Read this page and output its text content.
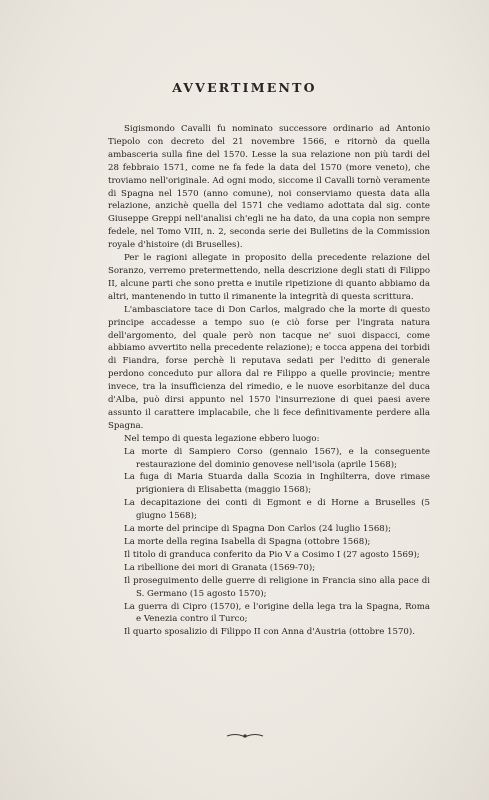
AVVERTIMENTO

Sigismondo Cavalli fu nominato successore ordinario ad Antonio Tiepolo con decreto del 21 novembre 1566, e ritornò da quella ambasceria sulla fine del 1570. Lesse la sua relazione non più tardi del 28 febbraio 1571, come ne fa fede la data del 1570 (more veneto), che troviamo nell'originale. Ad ogni modo, siccome il Cavalli tornò veramente di Spagna nel 1570 (anno comune), noi conserviamo questa data alla relazione, anzichè quella del 1571 che vediamo adottata dal sig. conte Giuseppe Greppi nell'analisi ch'egli ne ha dato, da una copia non sempre fedele, nel Tomo VIII, n. 2, seconda serie dei Bulletins de la Commission royale d'histoire (di Bruselles).

Per le ragioni allegate in proposito della precedente relazione del Soranzo, verremo pretermettendo, nella descrizione degli stati di Filippo II, alcune parti che sono pretta e inutile ripetizione di quanto abbiamo da altri, mantenendo in tutto il rimanente la integrità di questa scrittura.

L'ambasciatore tace di Don Carlos, malgrado che la morte di questo principe accadesse a tempo suo (e ciò forse per l'ingrata natura dell'argomento, del quale però non tacque ne' suoi dispacci, come abbiamo avvertito nella precedente relazione); e tocca appena dei torbidi di Fiandra, forse perchè li reputava sedati per l'editto di generale perdono conceduto pur allora dal re Filippo a quelle provincie; mentre invece, tra la insufficienza del rimedio, e le nuove esorbitanze del duca d'Alba, può dirsi appunto nel 1570 l'insurrezione di quei paesi avere assunto il carattere implacabile, che li fece definitivamente perdere alla Spagna.

Nel tempo di questa legazione ebbero luogo:

La morte di Sampiero Corso (gennaio 1567), e la conseguente restaurazione del dominio genovese nell'isola (aprile 1568);
La fuga di Maria Stuarda dalla Scozia in Inghilterra, dove rimase prigioniera di Elisabetta (maggio 1568);
La decapitazione dei conti di Egmont e di Horne a Bruselles (5 giugno 1568);
La morte del principe di Spagna Don Carlos (24 luglio 1568);
La morte della regina Isabella di Spagna (ottobre 1568);
Il titolo di granduca conferito da Pio V a Cosimo I (27 agosto 1569);
La ribellione dei mori di Granata (1569-70);
Il proseguimento delle guerre di religione in Francia sino alla pace di S. Germano (15 agosto 1570);
La guerra di Cipro (1570), e l'origine della lega tra la Spagna, Roma e Venezia contro il Turco;
Il quarto sposalizio di Filippo II con Anna d'Austria (ottobre 1570).
